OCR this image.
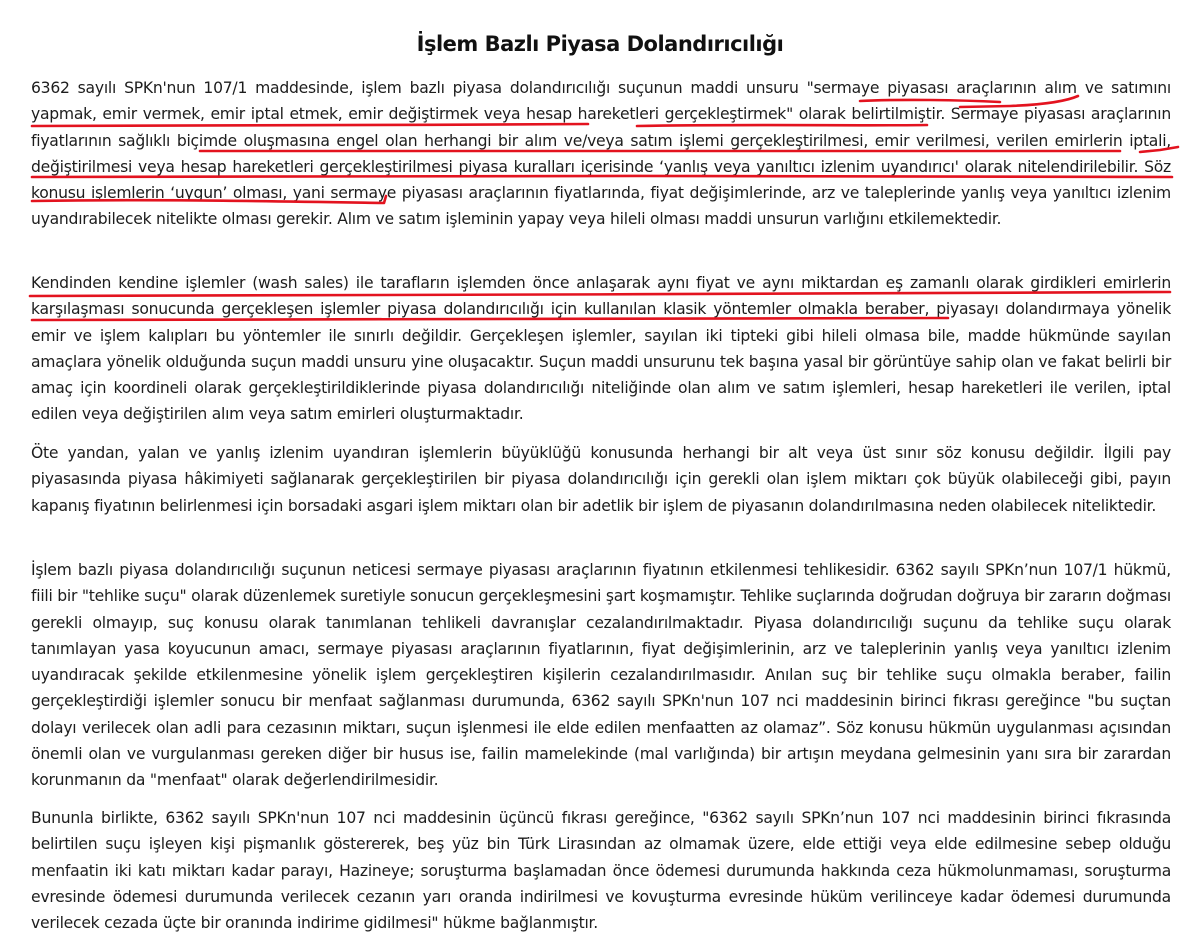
İşlem Bazlı Piyasa Dolandırıcılığı

6362 sayılı SPKn'nun 107/1 maddesinde, işlem bazlı piyasa dolandırıcılığı suçunun maddi unsuru "sermaye piyasası araçlarının alım ve satımını yapmak, emir vermek, emir iptal etmek, emir değiştirmek veya hesap hareketleri gerçekleştirmek" olarak belirtilmiştir. Sermaye piyasası araçlarının fiyatlarının sağlıklı biçimde oluşmasına engel olan herhangi bir alım ve/veya satım işlemi gerçekleştirilmesi, emir verilmesi, verilen emirlerin iptali, değiştirilmesi veya hesap hareketleri gerçekleştirilmesi piyasa kuralları içerisinde ‘yanlış veya yanıltıcı izlenim uyandırıcı' olarak nitelendirilebilir. Söz konusu işlemlerin ‘uygun’ olması, yani sermaye piyasası araçlarının fiyatlarında, fiyat değişimlerinde, arz ve taleplerinde yanlış veya yanıltıcı izlenim uyandırabilecek nitelikte olması gerekir. Alım ve satım işleminin yapay veya hileli olması maddi unsurun varlığını etkilemektedir.

Kendinden kendine işlemler (wash sales) ile tarafların işlemden önce anlaşarak aynı fiyat ve aynı miktardan eş zamanlı olarak girdikleri emirlerin karşılaşması sonucunda gerçekleşen işlemler piyasa dolandırıcılığı için kullanılan klasik yöntemler olmakla beraber, piyasayı dolandırmaya yönelik emir ve işlem kalıpları bu yöntemler ile sınırlı değildir. Gerçekleşen işlemler, sayılan iki tipteki gibi hileli olmasa bile, madde hükmünde sayılan amaçlara yönelik olduğunda suçun maddi unsuru yine oluşacaktır. Suçun maddi unsurunu tek başına yasal bir görüntüye sahip olan ve fakat belirli bir amaç için koordineli olarak gerçekleştirildiklerinde piyasa dolandırıcılığı niteliğinde olan alım ve satım işlemleri, hesap hareketleri ile verilen, iptal edilen veya değiştirilen alım veya satım emirleri oluşturmaktadır.

Öte yandan, yalan ve yanlış izlenim uyandıran işlemlerin büyüklüğü konusunda herhangi bir alt veya üst sınır söz konusu değildir. İlgili pay piyasasında piyasa hâkimiyeti sağlanarak gerçekleştirilen bir piyasa dolandırıcılığı için gerekli olan işlem miktarı çok büyük olabileceği gibi, payın kapanış fiyatının belirlenmesi için borsadaki asgari işlem miktarı olan bir adetlik bir işlem de piyasanın dolandırılmasına neden olabilecek niteliktedir.

İşlem bazlı piyasa dolandırıcılığı suçunun neticesi sermaye piyasası araçlarının fiyatının etkilenmesi tehlikesidir. 6362 sayılı SPKn’nun 107/1 hükmü, fiili bir "tehlike suçu" olarak düzenlemek suretiyle sonucun gerçekleşmesini şart koşmamıştır. Tehlike suçlarında doğrudan doğruya bir zararın doğması gerekli olmayıp, suç konusu olarak tanımlanan tehlikeli davranışlar cezalandırılmaktadır. Piyasa dolandırıcılığı suçunu da tehlike suçu olarak tanımlayan yasa koyucunun amacı, sermaye piyasası araçlarının fiyatlarının, fiyat değişimlerinin, arz ve taleplerinin yanlış veya yanıltıcı izlenim uyandıracak şekilde etkilenmesine yönelik işlem gerçekleştiren kişilerin cezalandırılmasıdır. Anılan suç bir tehlike suçu olmakla beraber, failin gerçekleştirdiği işlemler sonucu bir menfaat sağlanması durumunda, 6362 sayılı SPKn'nun 107 nci maddesinin birinci fıkrası gereğince "bu suçtan dolayı verilecek olan adli para cezasının miktarı, suçun işlenmesi ile elde edilen menfaatten az olamaz”. Söz konusu hükmün uygulanması açısından önemli olan ve vurgulanması gereken diğer bir husus ise, failin mamelekinde (mal varlığında) bir artışın meydana gelmesinin yanı sıra bir zarardan korunmanın da "menfaat" olarak değerlendirilmesidir.

Bununla birlikte, 6362 sayılı SPKn'nun 107 nci maddesinin üçüncü fıkrası gereğince, "6362 sayılı SPKn’nun 107 nci maddesinin birinci fıkrasında belirtilen suçu işleyen kişi pişmanlık göstererek, beş yüz bin Türk Lirasından az olmamak üzere, elde ettiği veya elde edilmesine sebep olduğu menfaatin iki katı miktarı kadar parayı, Hazineye; soruşturma başlamadan önce ödemesi durumunda hakkında ceza hükmolunmaması, soruşturma evresinde ödemesi durumunda verilecek cezanın yarı oranda indirilmesi ve kovuşturma evresinde hüküm verilinceye kadar ödemesi durumunda verilecek cezada üçte bir oranında indirime gidilmesi" hükme bağlanmıştır.
